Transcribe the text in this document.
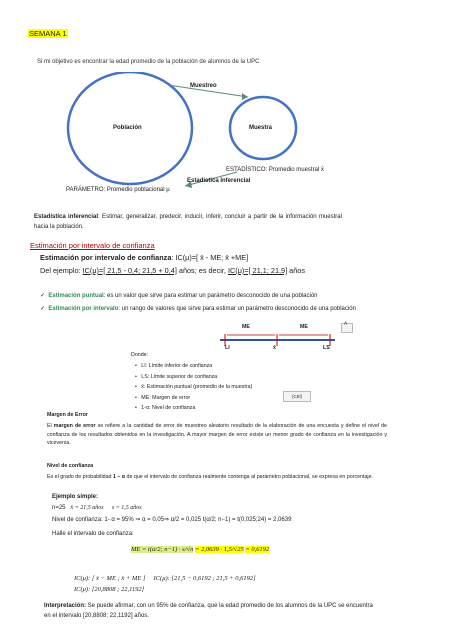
SEMANA 1
Si mi objetivo es encontrar la edad promedio de la población de alumnos de la UPC
Población	Muestra
Muestreo
ESTADÍSTICO: Promedio muestral x̄
Estadística Inferencial
PARÁMETRO: Promedio poblacional μ
Estadística inferencial: Estimar, generalizar, predecir, inducir, inferir, concluir a partir de la información muestral hacia la población.
Estimación por intervalo de confianza
Estimación por intervalo de confianza: IC(μ)=[ x̄ - ME; x̄ +ME]
Del ejemplo: IC(μ)=[ 21,5 - 0,4; 21,5 + 0,4] años; es decir, IC(μ)=[ 21,1; 21,9] años
✓ Estimación puntual: es un valor que sirve para estimar un parámetro desconocido de una población
✓ Estimación por intervalo: un rango de valores que sirve para estimar un parámetro desconocido de una población
ME	ME
LI	x̄	LS
^
Donde:
•   LI: Límite inferior de confianza
•   LS: Límite superior de confianza
•   x̄: Estimación puntual (promedio de la muestra)
•   ME: Margen de error
•   1-α: Nivel de confianza
(Ctrl)
Margen de Error
El margen de error se refiere a la cantidad de error de muestreo aleatorio resultado de la elaboración de una encuesta y define el nivel de confianza de los resultados obtenidos en la investigación. A mayor margen de error existe un menor grado de confianza en la investigación y viceversa.
Nivel de confianza
Es el grado de probabilidad 1 – α de que el intervalo de confianza realmente contenga al parámetro poblacional, se expresa en porcentaje.
Ejemplo simple:
n=25 x̄ = 21,5 años s = 1,5 años
Nivel de confianza: 1- α = 95% ⇒ α = 0,05⇒ α/2 = 0,025 t(α/2; n−1) = t(0,025;24) = 2,0639
Halle el intervalo de confianza:
ME = t(α/2; n−1) · s/√n = 2,0639 · 1,5/√25 = 0,6192
IC(μ): [ x̄ − ME ; x̄ + ME ] IC(μ): [21,5 − 0,6192 ; 21,5 + 0,6192]
IC(μ): [20,8808 ; 22,1192]
Interpretación: Se puede afirmar, con un 95% de confianza, que la edad promedio de los alumnos de la UPC se encuentra en el intervalo [20,8808; 22,1192] años.
